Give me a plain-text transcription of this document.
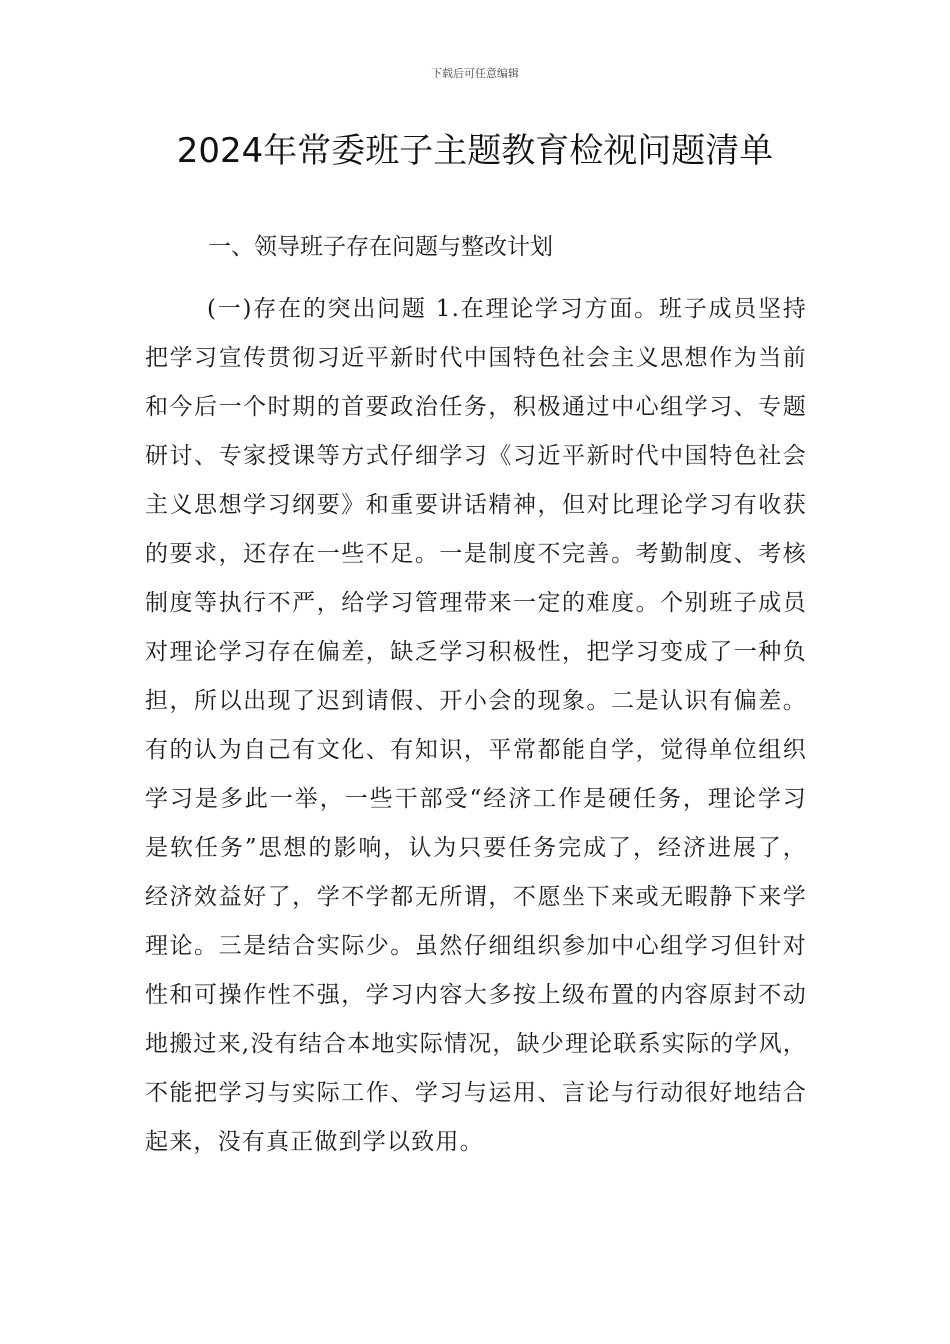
下载后可任意编辑
2024年常委班子主题教育检视问题清单
一、领导班子存在问题与整改计划

(一)存在的突出问题 1.在理论学习方面。班子成员坚持把学习宣传贯彻习近平新时代中国特色社会主义思想作为当前和今后一个时期的首要政治任务，积极通过中心组学习、专题研讨、专家授课等方式仔细学习《习近平新时代中国特色社会主义思想学习纲要》和重要讲话精神，但对比理论学习有收获的要求，还存在一些不足。一是制度不完善。考勤制度、考核制度等执行不严，给学习管理带来一定的难度。个别班子成员对理论学习存在偏差，缺乏学习积极性，把学习变成了一种负担，所以出现了迟到请假、开小会的现象。二是认识有偏差。有的认为自己有文化、有知识，平常都能自学，觉得单位组织学习是多此一举，一些干部受“经济工作是硬任务，理论学习是软任务”思想的影响，认为只要任务完成了，经济进展了，经济效益好了，学不学都无所谓，不愿坐下来或无暇静下来学理论。三是结合实际少。虽然仔细组织参加中心组学习但针对性和可操作性不强，学习内容大多按上级布置的内容原封不动地搬过来,没有结合本地实际情况，缺少理论联系实际的学风，不能把学习与实际工作、学习与运用、言论与行动很好地结合起来，没有真正做到学以致用。
